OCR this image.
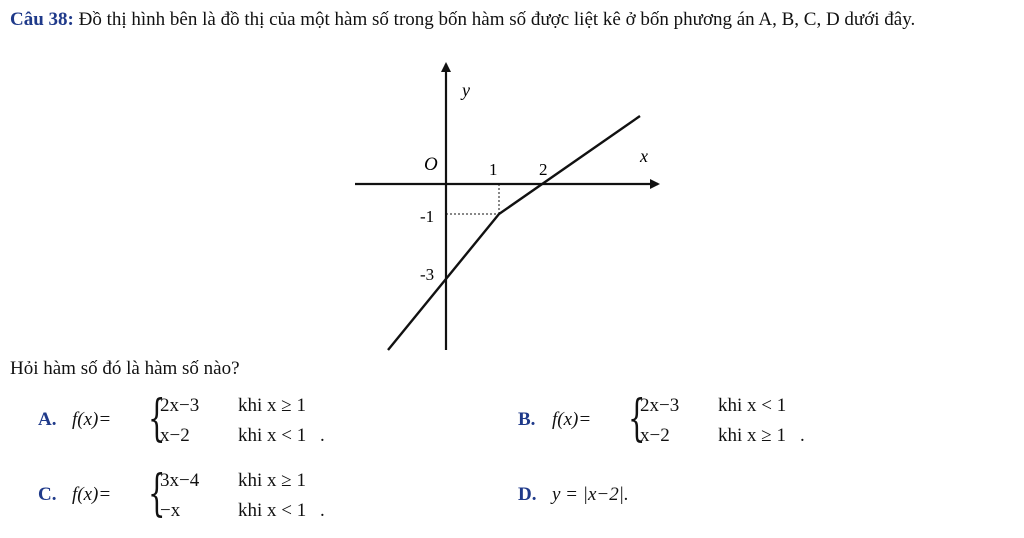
Câu 38: Đồ thị hình bên là đồ thị của một hàm số trong bốn hàm số được liệt kê ở bốn phương án A, B, C, D dưới đây.

y
x
O	1 2
-1
-3

Hỏi hàm số đó là hàm số nào?

A. f(x)= {
2x−3 khi x ≥ 1
x−2	khi x < 1 .
B. f(x)= {
2x−3 khi x < 1
x−2	khi x ≥ 1 .
C. f(x)= {
3x−4 khi x ≥ 1
−x	khi x < 1 .
D. y = |x−2|.
